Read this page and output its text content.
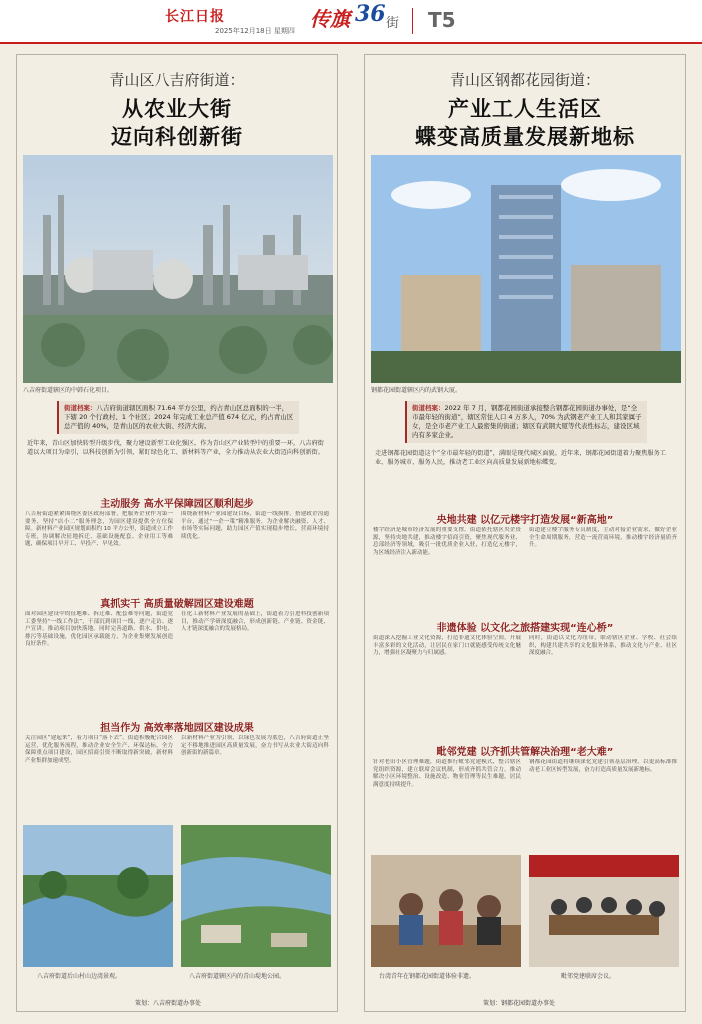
长江日报
2025年12月18日 星期四 传旗 36 街 T5
青山区八吉府街道：
从农业大街
迈向科创新街
八吉府街道辖区的中韩石化项目。
街道档案：八吉府街道辖区面积 71.64 平方公里，约占青山区总面积的一半，下辖 20 个行政村、1 个社区；2024 年完成工业总产值 674 亿元，约占青山区总产值的 40%，是青山区的农业大街、经济大街。
近年来，青山区加快转型升级步伐，聚力建设新型工业化强区。作为青山区产业转型中的重要一环，八吉府街道以大项目为牵引，以科技创新为引领，紧盯绿色化工、新材料等产业，全力推动从农业大街迈向科创新街。
主动服务 高水平保障园区顺利起步
八吉府街道紧紧围绕区委区政府部署，把服务企业作为第一要务，坚持“店小二”服务理念，为园区建设提供全方位保障。新材料产业园区规划面积约 10 平方公里，街道成立工作专班，协调解决征地拆迁、基础设施配套、企业用工等难题，确保项目早开工、早投产、早见效。
围绕新材料产业园建设目标，街道一线摸排，搭建政企沟通平台，通过“一企一策”精准服务，为企业解决融资、人才、市场等实际问题，助力园区产值实现稳步增长，营商环境持续优化。
真抓实干 高质量破解园区建设难题
面对园区建设中的征地难、拆迁难、配套难等问题，街道党工委坚持“一线工作法”，干部沉到项目一线，逐户走访、逐户宣讲，推动项目加快落地。同时完善道路、供水、供电、排污等基础设施，优化园区承载能力，为企业集聚发展创造良好条件。
在化工新材料产业发展的基础上，街道着力引进科技创新项目，推动产学研深度融合，形成创新链、产业链、资金链、人才链深度融合的发展格局。
担当作为 高效率落地园区建设成果
关注园区“建起来”，着力项目“落下去”。街道积极配合园区运营，优化服务流程，推动企业安全生产、环保达标，全力保障重点项目建设，园区招商引资不断取得新突破，新材料产业集群加速成型。
以新材料产业为引领，以绿色发展为底色，八吉府街道正坚定不移地推进园区高质量发展，奋力书写从农业大街迈向科创新街的新篇章。
八吉府街道后山村山边湾景观。	八吉府街道辖区内的青山堤地公园。
策划：八吉府街道办事处
青山区钢都花园街道：
产业工人生活区
蝶变高质量发展新地标
钢都花园街道辖区内的武钢大厦。
街道档案：2022 年 7 月，钢都花园街道承接整合钢都花园街道办事处，是“全市最年轻的街道”，辖区常住人口 4 万多人，70% 为武钢老产业工人和其家属子女，是全市老产业工人最密集的街道；辖区有武钢大厦等代表性标志，建设区域内有多家企业。
走进钢都花园街道这个“全市最年轻的街道”，满眼是现代城区面貌。近年来，钢都花园街道着力聚焦服务工业、服务城市、服务人民，推动老工业区向高质量发展新地标蝶变。
央地共建 以亿元楼宇打造发展“新高地”
楼宇经济是城市经济发展的重要支撑。街道依托辖区央企资源，坚持央地共建，推动楼宇招商引资，聚焦现代服务业、总部经济等领域，吸引一批优质企业入驻，打造亿元楼宇，为区域经济注入新动能。
街道建立楼宇服务专员制度，主动对接企业需求，做好企业全生命周期服务，营造一流营商环境，推动楼宇经济量质齐升。
非遗体验 以文化之旅搭建实现“连心桥”
街道深入挖掘工业文化资源，打造非遗文化体验空间，开展丰富多彩的文化活动，让居民在家门口就能感受传统文化魅力，增强社区凝聚力与归属感。
同时，街道以文化为纽带，联动辖区企业、学校、社会组织，构建共建共享的文化服务体系，推动文化与产业、社区深度融合。
毗邻党建 以齐抓共管解决治理“老大难”
针对老旧小区管理难题，街道推行毗邻党建模式，整合辖区党组织资源，建立联席会议机制，形成齐抓共管合力，推动解决小区环境整治、设施改造、物业管理等民生难题，居民满意度持续提升。
钢都花园街道将继续深化党建引领基层治理，以更高标准推动老工业区转型发展，奋力打造高质量发展新地标。
台湾青年在钢都花园街道体验非遗。	毗邻党建联席会议。
策划：钢都花园街道办事处
